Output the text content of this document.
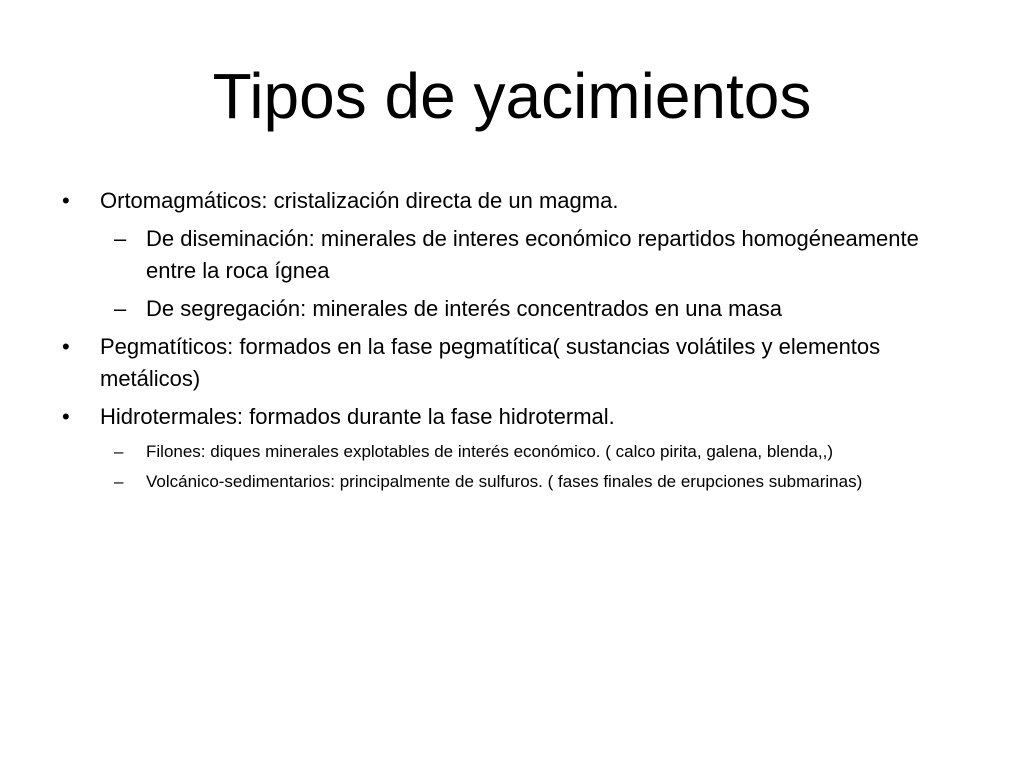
Tipos de yacimientos
• Ortomagmáticos: cristalización directa de un magma.
– De diseminación: minerales de interes económico repartidos homogéneamente entre la roca ígnea
– De segregación: minerales de interés concentrados en una masa
• Pegmatíticos: formados en la fase pegmatítica( sustancias volátiles y elementos metálicos)
• Hidrotermales: formados durante la fase hidrotermal.
– Filones: diques minerales explotables de interés económico. ( calco pirita, galena, blenda,,)
– Volcánico-sedimentarios: principalmente de sulfuros. ( fases finales de erupciones submarinas)
